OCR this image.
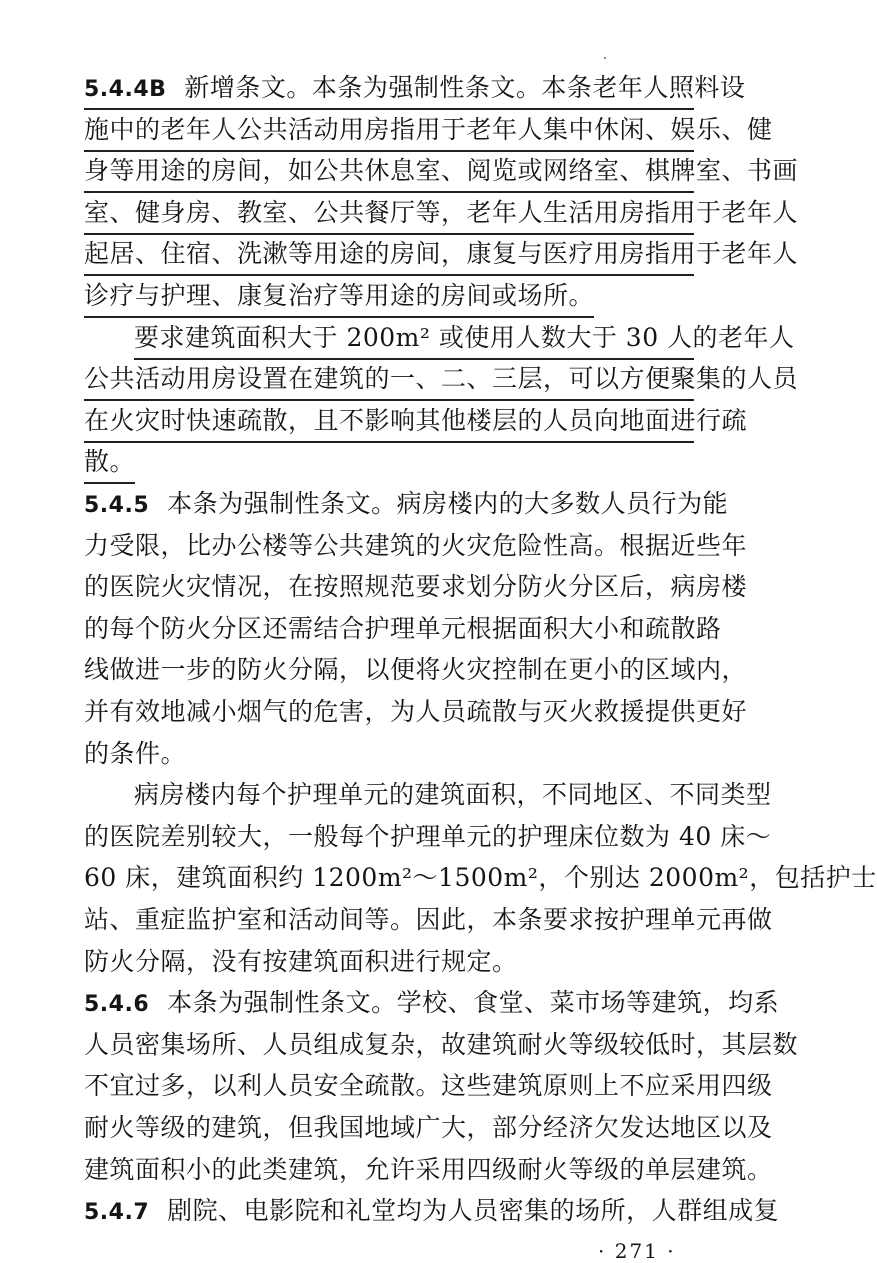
5.4.4B 新增条文。本条为强制性条文。本条老年人照料设
施中的老年人公共活动用房指用于老年人集中休闲、娱乐、健
身等用途的房间，如公共休息室、阅览或网络室、棋牌室、书画
室、健身房、教室、公共餐厅等，老年人生活用房指用于老年人
起居、住宿、洗漱等用途的房间，康复与医疗用房指用于老年人
诊疗与护理、康复治疗等用途的房间或场所。
要求建筑面积大于 200m² 或使用人数大于 30 人的老年人
公共活动用房设置在建筑的一、二、三层，可以方便聚集的人员
在火灾时快速疏散，且不影响其他楼层的人员向地面进行疏
散。
5.4.5 本条为强制性条文。病房楼内的大多数人员行为能
力受限，比办公楼等公共建筑的火灾危险性高。根据近些年
的医院火灾情况，在按照规范要求划分防火分区后，病房楼
的每个防火分区还需结合护理单元根据面积大小和疏散路
线做进一步的防火分隔，以便将火灾控制在更小的区域内，
并有效地减小烟气的危害，为人员疏散与灭火救援提供更好
的条件。
病房楼内每个护理单元的建筑面积，不同地区、不同类型
的医院差别较大，一般每个护理单元的护理床位数为 40 床～
60 床，建筑面积约 1200m²～1500m²，个别达 2000m²，包括护士
站、重症监护室和活动间等。因此，本条要求按护理单元再做
防火分隔，没有按建筑面积进行规定。
5.4.6 本条为强制性条文。学校、食堂、菜市场等建筑，均系
人员密集场所、人员组成复杂，故建筑耐火等级较低时，其层数
不宜过多，以利人员安全疏散。这些建筑原则上不应采用四级
耐火等级的建筑，但我国地域广大，部分经济欠发达地区以及
建筑面积小的此类建筑，允许采用四级耐火等级的单层建筑。
5.4.7 剧院、电影院和礼堂均为人员密集的场所，人群组成复
· 271 ·
